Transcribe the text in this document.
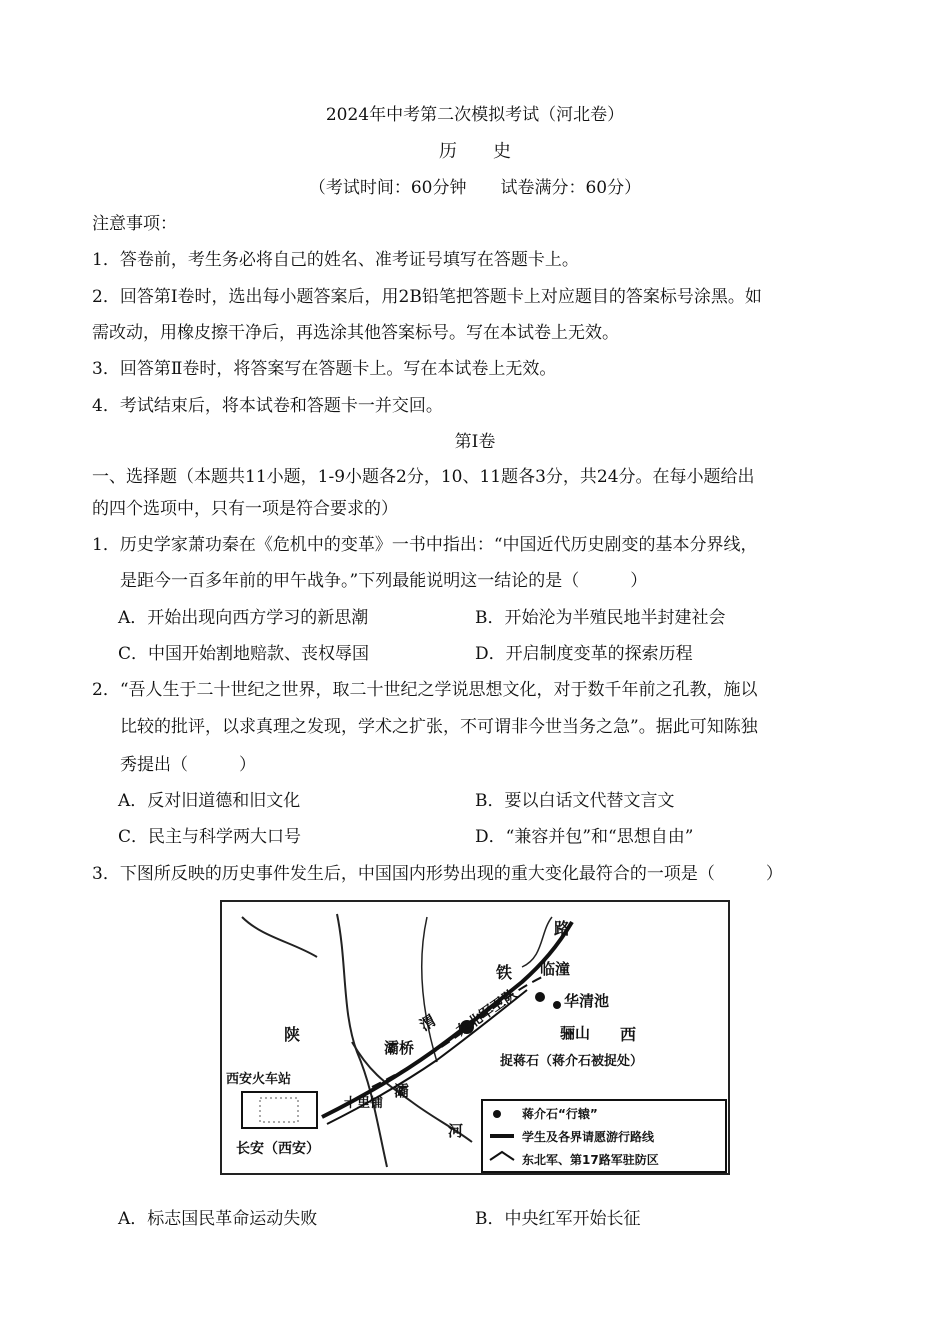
2024年中考第二次模拟考试（河北卷）
历　　史
（考试时间：60分钟　　试卷满分：60分）
注意事项：
1．答卷前，考生务必将自己的姓名、准考证号填写在答题卡上。
2．回答第Ⅰ卷时，选出每小题答案后，用2B铅笔把答题卡上对应题目的答案标号涂黑。如
需改动，用橡皮擦干净后，再选涂其他答案标号。写在本试卷上无效。
3．回答第Ⅱ卷时，将答案写在答题卡上。写在本试卷上无效。
4．考试结束后，将本试卷和答题卡一并交回。
第Ⅰ卷
一、选择题（本题共11小题，1-9小题各2分，10、11题各3分，共24分。在每小题给出
的四个选项中，只有一项是符合要求的）
1．历史学家萧功秦在《危机中的变革》一书中指出：“中国近代历史剧变的基本分界线，
是距今一百多年前的甲午战争。”下列最能说明这一结论的是（　　　）
A．开始出现向西方学习的新思潮	B．开始沦为半殖民地半封建社会
C．中国开始割地赔款、丧权辱国	D．开启制度变革的探索历程
2．“吾人生于二十世纪之世界，取二十世纪之学说思想文化，对于数千年前之孔教，施以
比较的批评，以求真理之发现，学术之扩张，不可谓非今世当务之急”。据此可知陈独
秀提出（　　　）
A．反对旧道德和旧文化	B．要以白话文代替文言文
C．民主与科学两大口号	D．“兼容并包”和“思想自由”
3．下图所反映的历史事件发生后，中国国内形势出现的重大变化最符合的一项是（　　　）
路
铁 临潼
华清池
骊山 西
陕
灞桥
渭 东北军卫队
捉蒋石（蒋介石被捉处）
西安火车站
十里铺
灞
河
长安（西安）
蒋介石“行辕”
学生及各界请愿游行路线
东北军、第17路军驻防区
A．标志国民革命运动失败	B．中央红军开始长征
